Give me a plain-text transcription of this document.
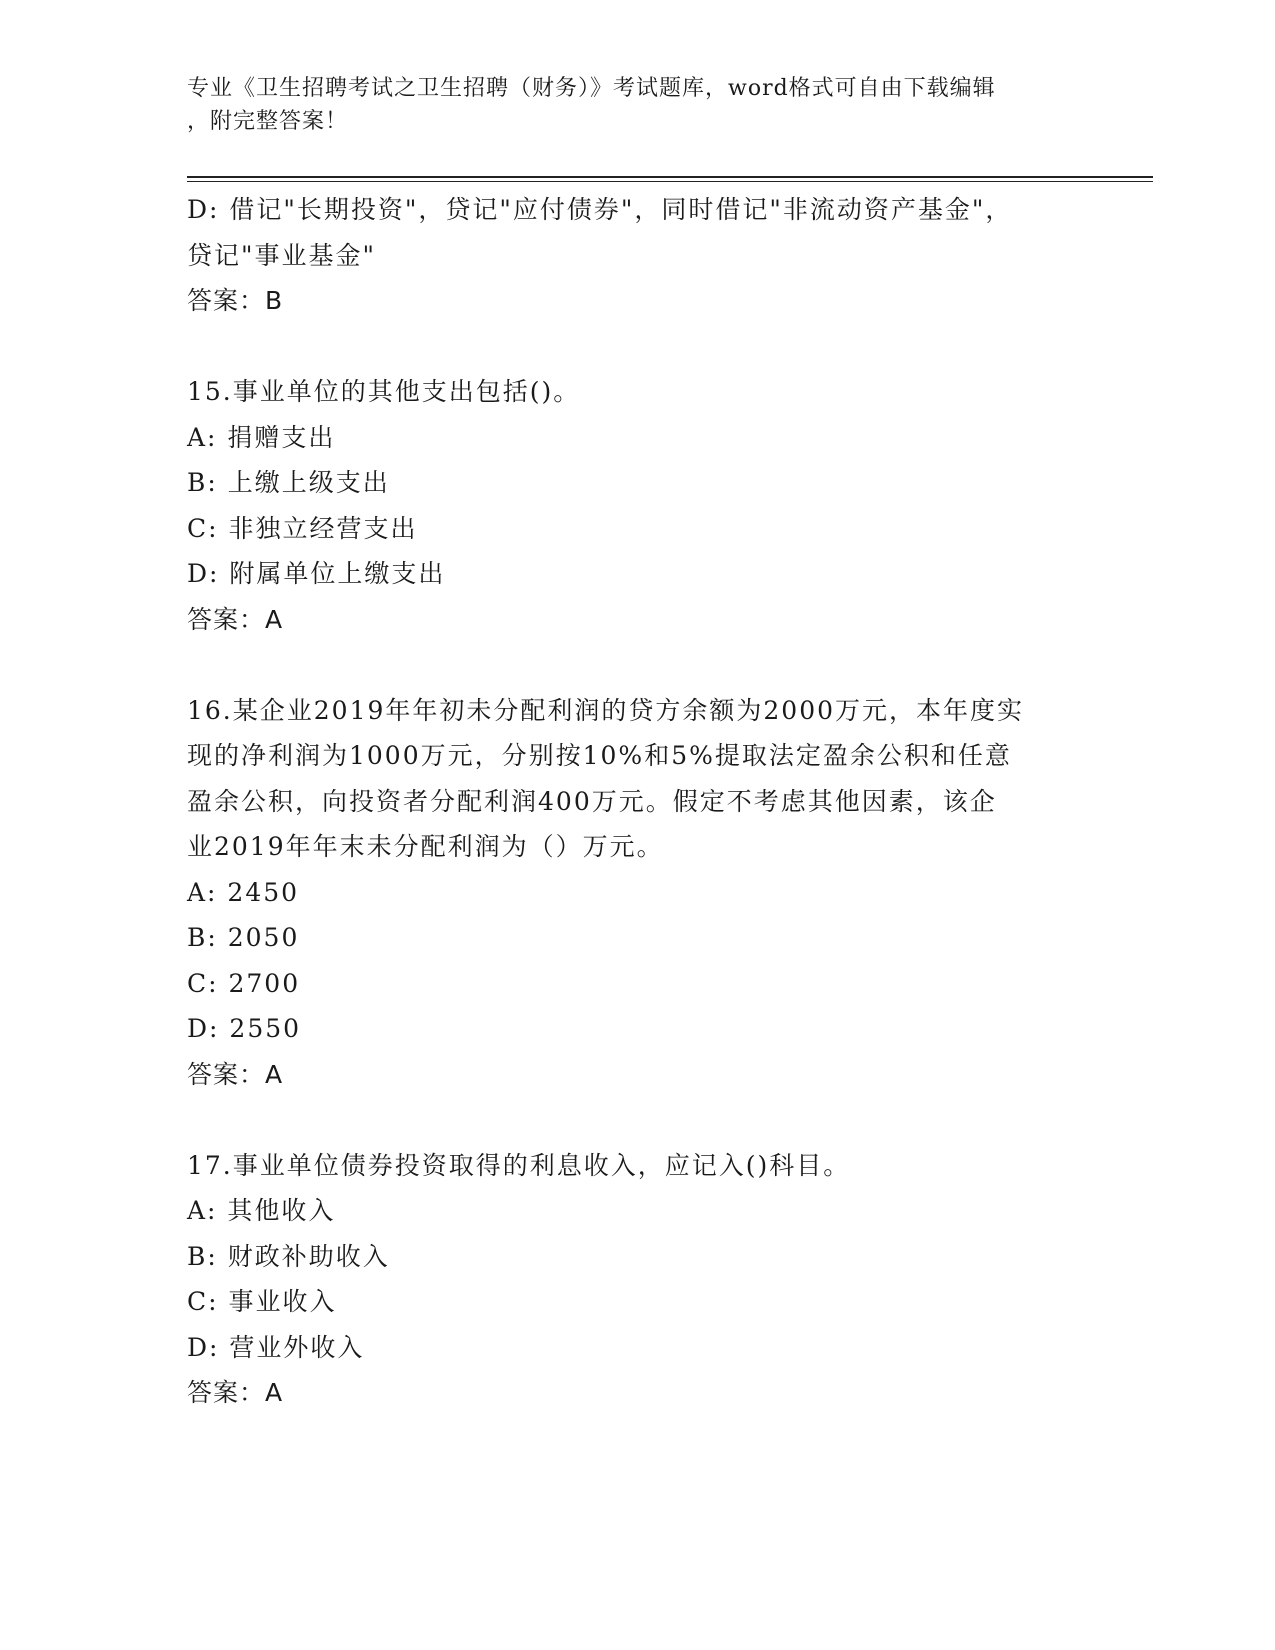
专业《卫生招聘考试之卫生招聘（财务）》考试题库，word格式可自由下载编辑
，附完整答案！
D: 借记"长期投资"，贷记"应付债券"，同时借记"非流动资产基金"，
贷记"事业基金"
答案：B
15.事业单位的其他支出包括()。
A: 捐赠支出
B: 上缴上级支出
C: 非独立经营支出
D: 附属单位上缴支出
答案：A
16.某企业2019年年初未分配利润的贷方余额为2000万元，本年度实
现的净利润为1000万元，分别按10%和5%提取法定盈余公积和任意
盈余公积，向投资者分配利润400万元。假定不考虑其他因素，该企
业2019年年末未分配利润为（）万元。
A: 2450
B: 2050
C: 2700
D: 2550
答案：A
17.事业单位债券投资取得的利息收入，应记入()科目。
A: 其他收入
B: 财政补助收入
C: 事业收入
D: 营业外收入
答案：A
